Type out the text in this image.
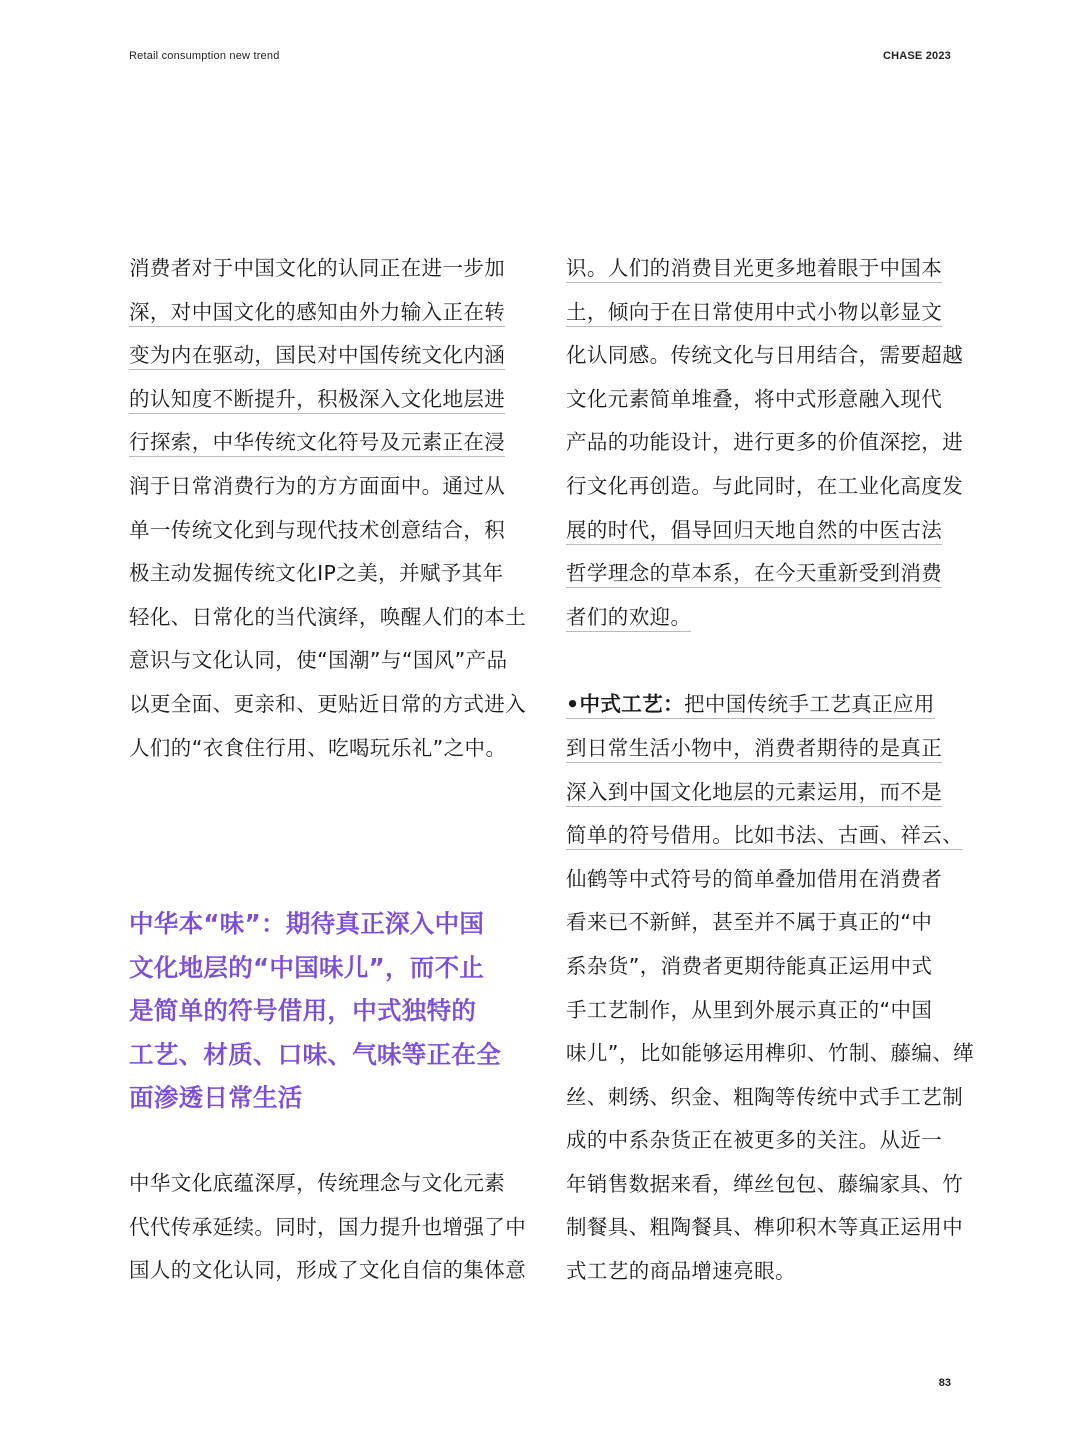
Retail consumption new trend	CHASE 2023
消费者对于中国文化的认同正在进一步加
深，对中国文化的感知由外力输入正在转
变为内在驱动，国民对中国传统文化内涵
的认知度不断提升，积极深入文化地层进
行探索，中华传统文化符号及元素正在浸
润于日常消费行为的方方面面中。通过从
单一传统文化到与现代技术创意结合，积
极主动发掘传统文化IP之美，并赋予其年
轻化、日常化的当代演绎，唤醒人们的本土
意识与文化认同，使“国潮”与“国风”产品
以更全面、更亲和、更贴近日常的方式进入
人们的“衣食住行用、吃喝玩乐礼”之中。
中华本“味”：期待真正深入中国
文化地层的“中国味儿”，而不止
是简单的符号借用，中式独特的
工艺、材质、口味、气味等正在全
面渗透日常生活
中华文化底蕴深厚，传统理念与文化元素
代代传承延续。同时，国力提升也增强了中
国人的文化认同，形成了文化自信的集体意
识。人们的消费目光更多地着眼于中国本
土，倾向于在日常使用中式小物以彰显文
化认同感。传统文化与日用结合，需要超越
文化元素简单堆叠，将中式形意融入现代
产品的功能设计，进行更多的价值深挖，进
行文化再创造。与此同时，在工业化高度发
展的时代，倡导回归天地自然的中医古法
哲学理念的草本系，在今天重新受到消费
者们的欢迎。
•中式工艺：把中国传统手工艺真正应用
到日常生活小物中，消费者期待的是真正
深入到中国文化地层的元素运用，而不是
简单的符号借用。比如书法、古画、祥云、
仙鹤等中式符号的简单叠加借用在消费者
看来已不新鲜，甚至并不属于真正的“中
系杂货”，消费者更期待能真正运用中式
手工艺制作，从里到外展示真正的“中国
味儿”，比如能够运用榫卯、竹制、藤编、缂
丝、刺绣、织金、粗陶等传统中式手工艺制
成的中系杂货正在被更多的关注。从近一
年销售数据来看，缂丝包包、藤编家具、竹
制餐具、粗陶餐具、榫卯积木等真正运用中
式工艺的商品增速亮眼。
83
